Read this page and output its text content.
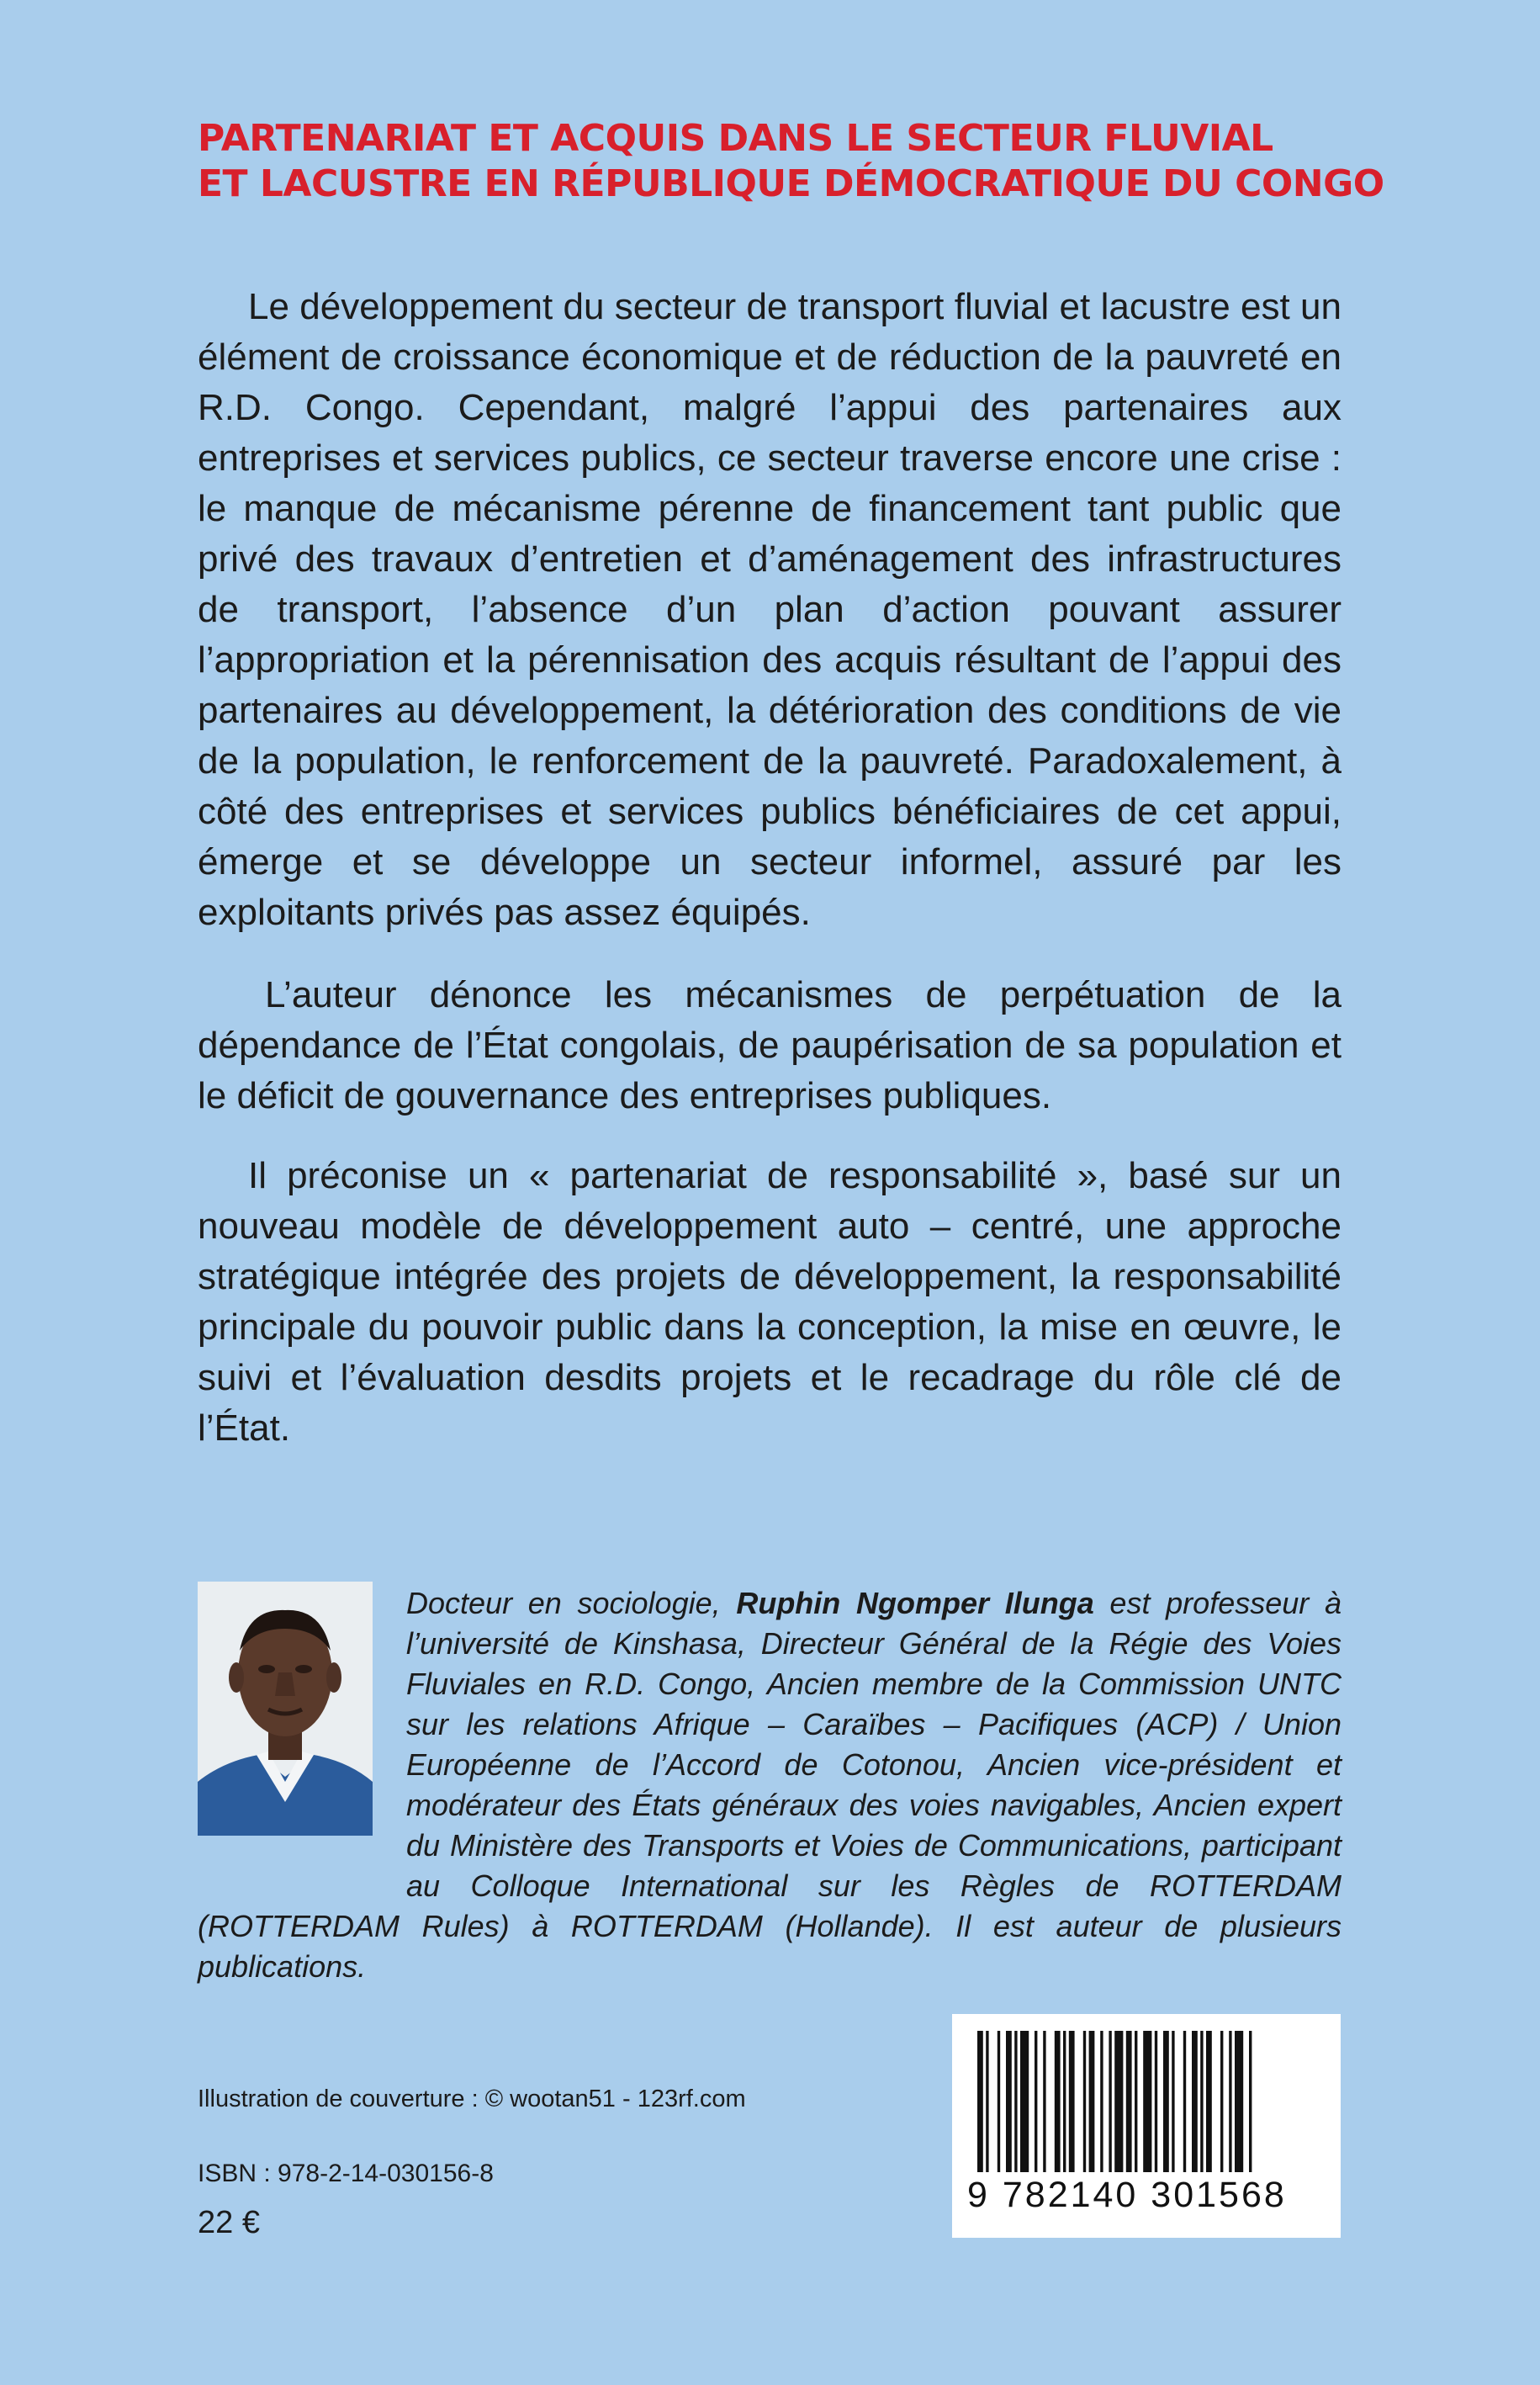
PARTENARIAT ET ACQUIS DANS LE SECTEUR FLUVIAL
ET LACUSTRE EN RÉPUBLIQUE DÉMOCRATIQUE DU CONGO

Le développement du secteur de transport fluvial et lacustre est un élément de croissance économique et de réduction de la pauvreté en R.D. Congo. Cependant, malgré l’appui des partenaires aux entreprises et services publics, ce secteur traverse encore une crise : le manque de mécanisme pérenne de financement tant public que privé des travaux d’entretien et d’aménagement des infrastructures de transport, l’absence d’un plan d’action pouvant assurer l’appropriation et la pérennisation des acquis résultant de l’appui des partenaires au développement, la détérioration des conditions de vie de la population, le renforcement de la pauvreté. Paradoxalement, à côté des entreprises et services publics bénéficiaires de cet appui, émerge et se développe un secteur informel, assuré par les exploitants privés pas assez équipés.

L’auteur dénonce les mécanismes de perpétuation de la dépendance de l’État congolais, de paupérisation de sa population et le déficit de gouvernance des entreprises publiques.

Il préconise un « partenariat de responsabilité », basé sur un nouveau modèle de développement auto – centré, une approche stratégique intégrée des projets de développement, la responsabilité principale du pouvoir public dans la conception, la mise en œuvre, le suivi et l’évaluation desdits projets et le recadrage du rôle clé de l’État.

Docteur en sociologie, Ruphin Ngomper Ilunga est professeur à l’université de Kinshasa, Directeur Général de la Régie des Voies Fluviales en R.D. Congo, Ancien membre de la Commission UNTC sur les relations Afrique – Caraïbes – Pacifiques (ACP) / Union Européenne de l’Accord de Cotonou, Ancien vice-président et modérateur des États généraux des voies navigables, Ancien expert du Ministère des Transports et Voies de Communications, participant au Colloque International sur les Règles de ROTTERDAM (ROTTERDAM Rules) à ROTTERDAM (Hollande). Il est auteur de plusieurs publications.

Illustration de couverture : © wootan51 - 123rf.com

ISBN : 978-2-14-030156-8

22 €

9 782140 301568
